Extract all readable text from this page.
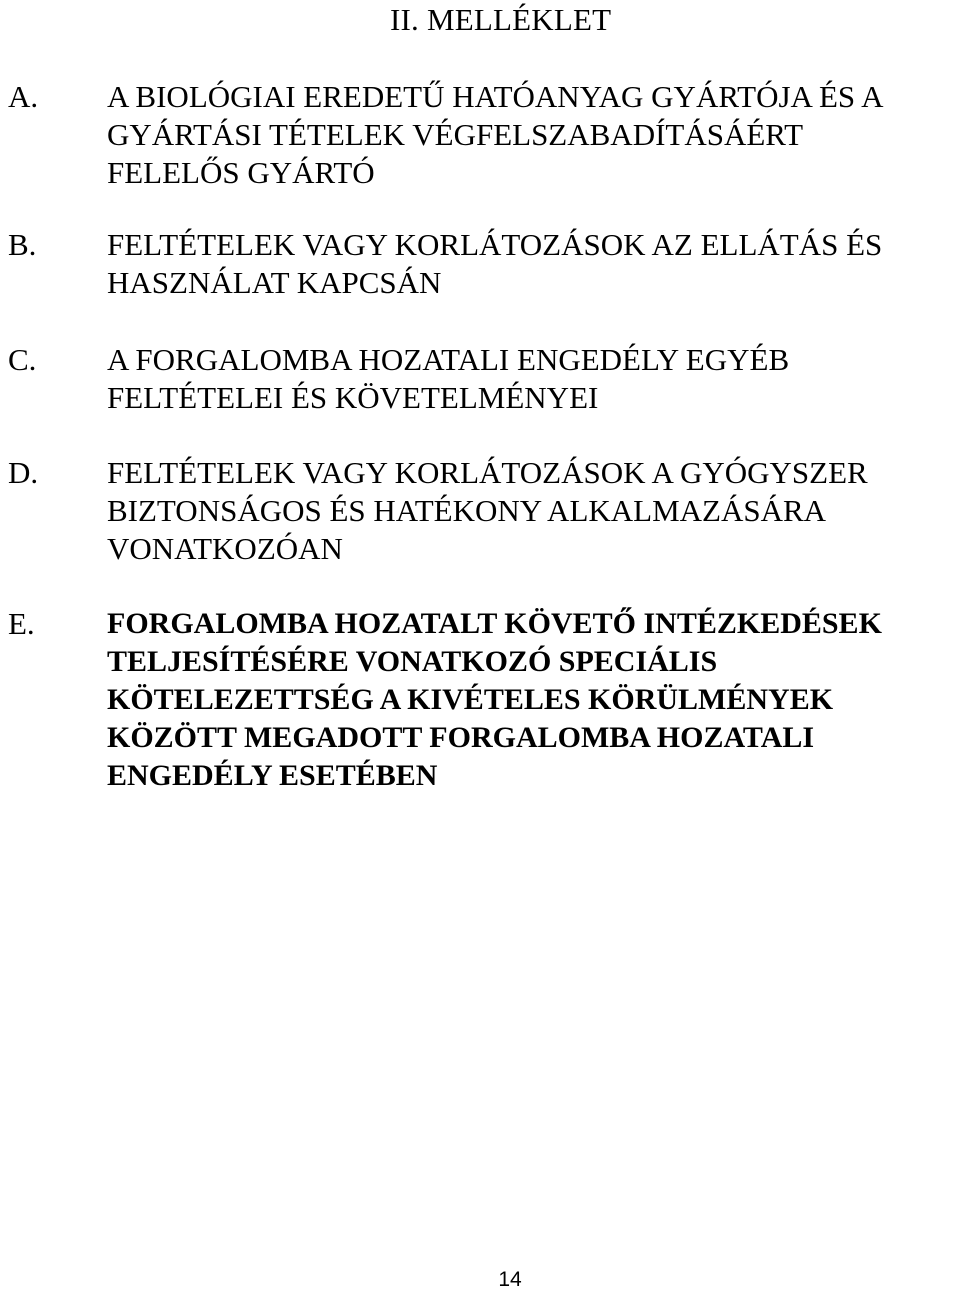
II. MELLÉKLET
A. A BIOLÓGIAI EREDETŰ HATÓANYAG GYÁRTÓJA ÉS A
GYÁRTÁSI TÉTELEK VÉGFELSZABADÍTÁSÁÉRT
FELELŐS GYÁRTÓ
B. FELTÉTELEK VAGY KORLÁTOZÁSOK AZ ELLÁTÁS ÉS
HASZNÁLAT KAPCSÁN
C. A FORGALOMBA HOZATALI ENGEDÉLY EGYÉB
FELTÉTELEI ÉS KÖVETELMÉNYEI
D. FELTÉTELEK VAGY KORLÁTOZÁSOK A GYÓGYSZER
BIZTONSÁGOS ÉS HATÉKONY ALKALMAZÁSÁRA
VONATKOZÓAN
E. FORGALOMBA HOZATALT KÖVETŐ INTÉZKEDÉSEK
TELJESÍTÉSÉRE VONATKOZÓ SPECIÁLIS
KÖTELEZETTSÉG A KIVÉTELES KÖRÜLMÉNYEK
KÖZÖTT MEGADOTT FORGALOMBA HOZATALI
ENGEDÉLY ESETÉBEN
14
